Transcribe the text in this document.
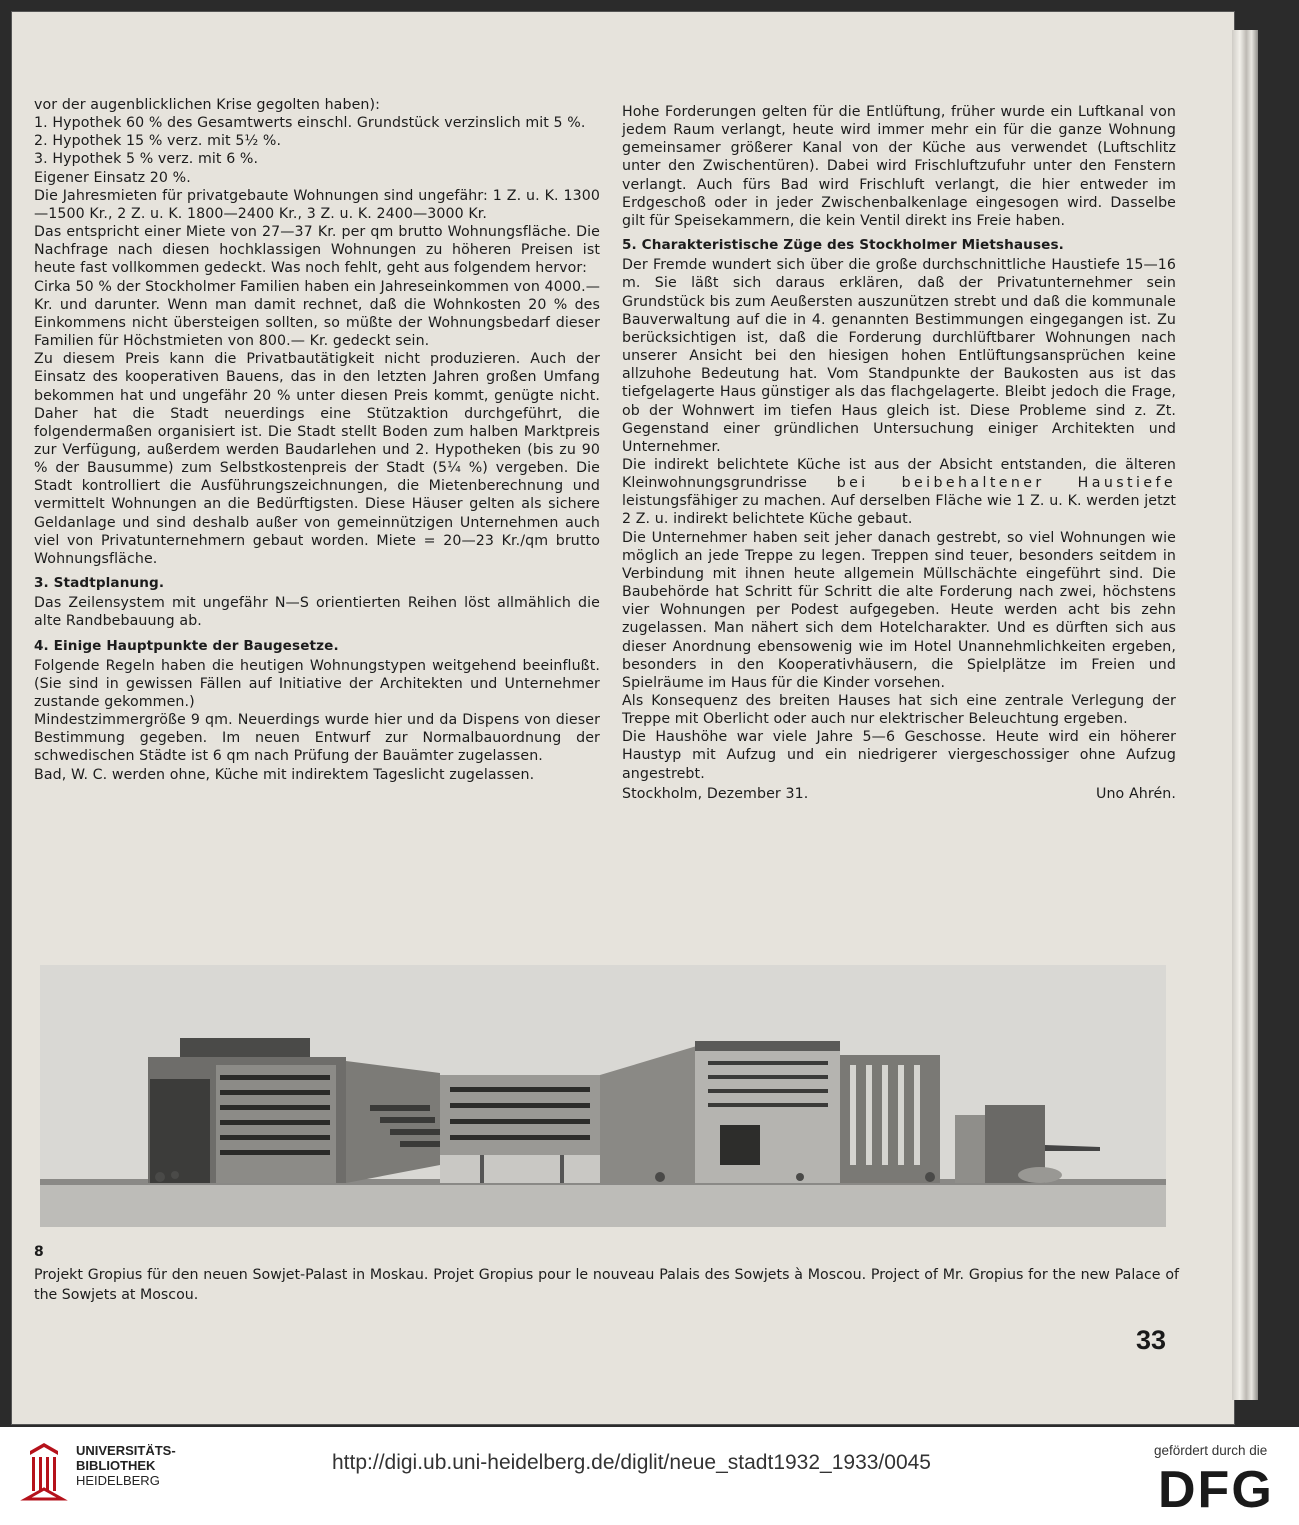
vor der augenblicklichen Krise gegolten haben):

1. Hypothek 60 % des Gesamtwerts einschl. Grundstück verzinslich mit 5 %.

2. Hypothek 15 % verz. mit 5½ %.

3. Hypothek 5 % verz. mit 6 %.

Eigener Einsatz 20 %.

Die Jahresmieten für privatgebaute Wohnungen sind ungefähr: 1 Z. u. K. 1300—1500 Kr., 2 Z. u. K. 1800—2400 Kr., 3 Z. u. K. 2400—3000 Kr.

Das entspricht einer Miete von 27—37 Kr. per qm brutto Wohnungsfläche. Die Nachfrage nach diesen hochklassigen Wohnungen zu höheren Preisen ist heute fast vollkommen gedeckt. Was noch fehlt, geht aus folgendem hervor:

Cirka 50 % der Stockholmer Familien haben ein Jahreseinkommen von 4000.— Kr. und darunter. Wenn man damit rechnet, daß die Wohnkosten 20 % des Einkommens nicht übersteigen sollten, so müßte der Wohnungsbedarf dieser Familien für Höchstmieten von 800.— Kr. gedeckt sein.

Zu diesem Preis kann die Privatbautätigkeit nicht produzieren. Auch der Einsatz des kooperativen Bauens, das in den letzten Jahren großen Umfang bekommen hat und ungefähr 20 % unter diesen Preis kommt, genügte nicht. Daher hat die Stadt neuerdings eine Stützaktion durchgeführt, die folgendermaßen organisiert ist. Die Stadt stellt Boden zum halben Marktpreis zur Verfügung, außerdem werden Baudarlehen und 2. Hypotheken (bis zu 90 % der Bausumme) zum Selbstkostenpreis der Stadt (5¼ %) vergeben. Die Stadt kontrolliert die Ausführungszeichnungen, die Mietenberechnung und vermittelt Wohnungen an die Bedürftigsten. Diese Häuser gelten als sichere Geldanlage und sind deshalb außer von gemeinnützigen Unternehmen auch viel von Privatunternehmern gebaut worden. Miete = 20—23 Kr./qm brutto Wohnungsfläche.

3. Stadtplanung.

Das Zeilensystem mit ungefähr N—S orientierten Reihen löst allmählich die alte Randbebauung ab.

4. Einige Hauptpunkte der Baugesetze.

Folgende Regeln haben die heutigen Wohnungstypen weitgehend beeinflußt. (Sie sind in gewissen Fällen auf Initiative der Architekten und Unternehmer zustande gekommen.)

Mindestzimmergröße 9 qm. Neuerdings wurde hier und da Dispens von dieser Bestimmung gegeben. Im neuen Entwurf zur Normalbauordnung der schwedischen Städte ist 6 qm nach Prüfung der Bauämter zugelassen.

Bad, W. C. werden ohne, Küche mit indirektem Tageslicht zugelassen.

Hohe Forderungen gelten für die Entlüftung, früher wurde ein Luftkanal von jedem Raum verlangt, heute wird immer mehr ein für die ganze Wohnung gemeinsamer größerer Kanal von der Küche aus verwendet (Luftschlitz unter den Zwischentüren). Dabei wird Frischluftzufuhr unter den Fenstern verlangt. Auch fürs Bad wird Frischluft verlangt, die hier entweder im Erdgeschoß oder in jeder Zwischenbalkenlage eingesogen wird. Dasselbe gilt für Speisekammern, die kein Ventil direkt ins Freie haben.

5. Charakteristische Züge des Stockholmer Mietshauses.

Der Fremde wundert sich über die große durchschnittliche Haustiefe 15—16 m. Sie läßt sich daraus erklären, daß der Privatunternehmer sein Grundstück bis zum Aeußersten auszunützen strebt und daß die kommunale Bauverwaltung auf die in 4. genannten Bestimmungen eingegangen ist. Zu berücksichtigen ist, daß die Forderung durchlüftbarer Wohnungen nach unserer Ansicht bei den hiesigen hohen Entlüftungsansprüchen keine allzuhohe Bedeutung hat. Vom Standpunkte der Baukosten aus ist das tiefgelagerte Haus günstiger als das flachgelagerte. Bleibt jedoch die Frage, ob der Wohnwert im tiefen Haus gleich ist. Diese Probleme sind z. Zt. Gegenstand einer gründlichen Untersuchung einiger Architekten und Unternehmer.

Die indirekt belichtete Küche ist aus der Absicht entstanden, die älteren Kleinwohnungsgrundrisse bei beibehaltener Haustiefe leistungsfähiger zu machen. Auf derselben Fläche wie 1 Z. u. K. werden jetzt 2 Z. u. indirekt belichtete Küche gebaut.

Die Unternehmer haben seit jeher danach gestrebt, so viel Wohnungen wie möglich an jede Treppe zu legen. Treppen sind teuer, besonders seitdem in Verbindung mit ihnen heute allgemein Müllschächte eingeführt sind. Die Baubehörde hat Schritt für Schritt die alte Forderung nach zwei, höchstens vier Wohnungen per Podest aufgegeben. Heute werden acht bis zehn zugelassen. Man nähert sich dem Hotelcharakter. Und es dürften sich aus dieser Anordnung ebensowenig wie im Hotel Unannehmlichkeiten ergeben, besonders in den Kooperativhäusern, die Spielplätze im Freien und Spielräume im Haus für die Kinder vorsehen.

Als Konsequenz des breiten Hauses hat sich eine zentrale Verlegung der Treppe mit Oberlicht oder auch nur elektrischer Beleuchtung ergeben.

Die Haushöhe war viele Jahre 5—6 Geschosse. Heute wird ein höherer Haustyp mit Aufzug und ein niedrigerer viergeschossiger ohne Aufzug angestrebt.

Stockholm, Dezember 31.	Uno Ahrén.
8
Projekt Gropius für den neuen Sowjet-Palast in Moskau. Projet Gropius pour le nouveau Palais des Sowjets à Moscou. Project of Mr. Gropius for the new Palace of the Sowjets at Moscou.
33
UNIVERSITÄTS-
BIBLIOTHEK
HEIDELBERG
http://digi.ub.uni-heidelberg.de/diglit/neue_stadt1932_1933/0045
gefördert durch die
DFG
